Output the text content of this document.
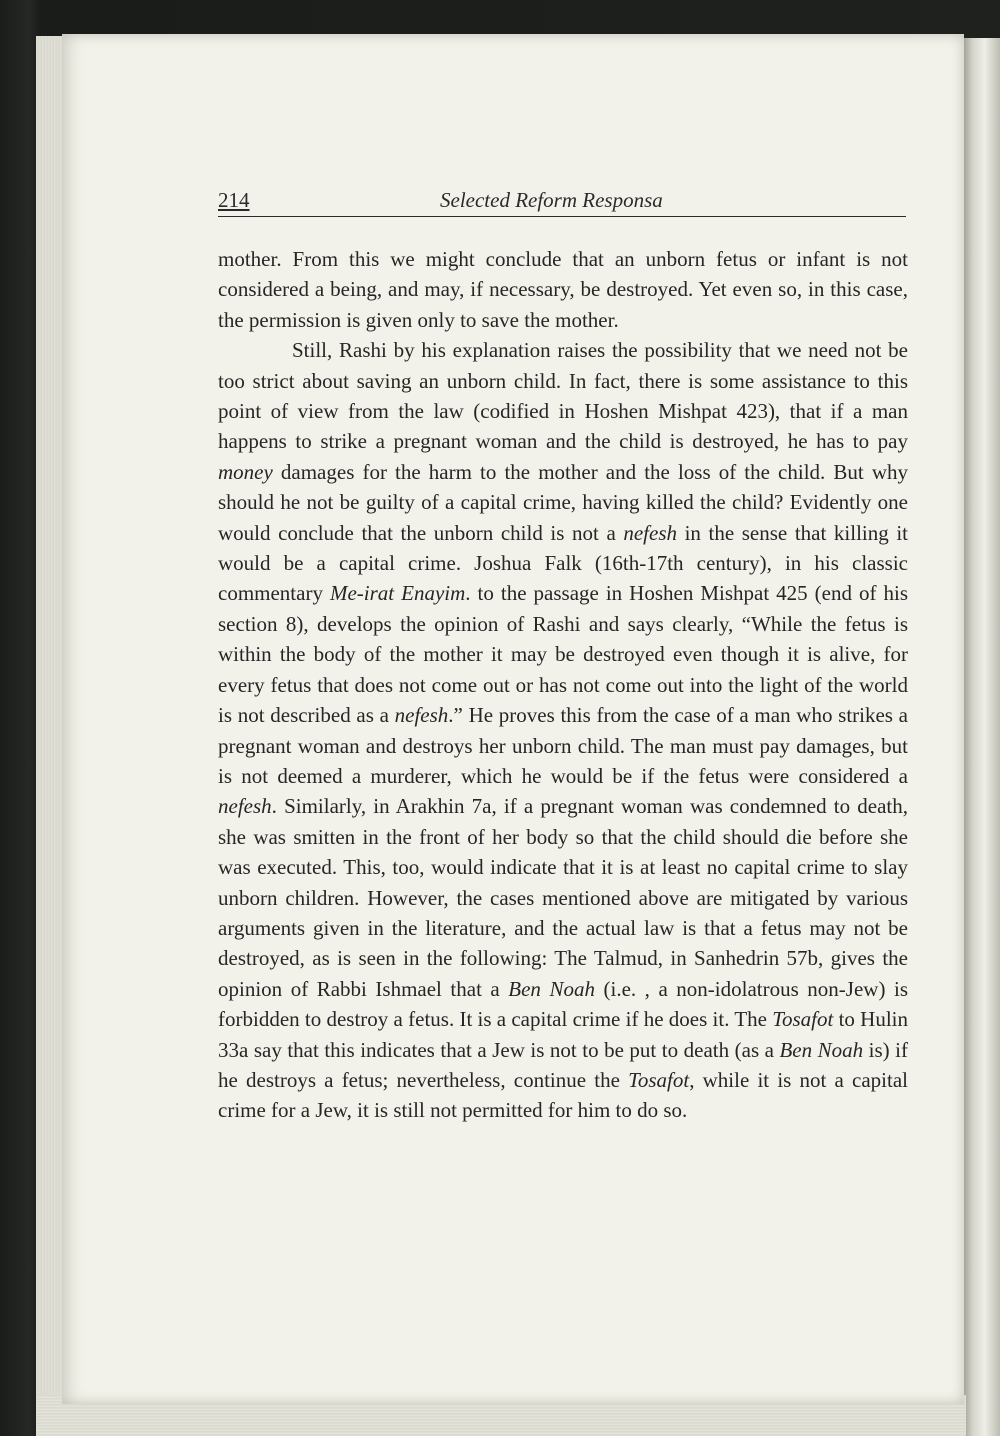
214	Selected Reform Responsa

mother. From this we might conclude that an unborn fetus or infant is not considered a being, and may, if necessary, be destroyed. Yet even so, in this case, the permission is given only to save the mother.

Still, Rashi by his explanation raises the possibility that we need not be too strict about saving an unborn child. In fact, there is some assistance to this point of view from the law (codified in Hoshen Mishpat 423), that if a man happens to strike a pregnant woman and the child is destroyed, he has to pay money damages for the harm to the mother and the loss of the child. But why should he not be guilty of a capital crime, having killed the child? Evidently one would conclude that the unborn child is not a nefesh in the sense that killing it would be a capital crime. Joshua Falk (16th-17th century), in his classic commentary Me-irat Enayim. to the passage in Hoshen Mishpat 425 (end of his section 8), develops the opinion of Rashi and says clearly, “While the fetus is within the body of the mother it may be destroyed even though it is alive, for every fetus that does not come out or has not come out into the light of the world is not described as a nefesh.” He proves this from the case of a man who strikes a pregnant woman and destroys her unborn child. The man must pay damages, but is not deemed a murderer, which he would be if the fetus were considered a nefesh. Similarly, in Arakhin 7a, if a pregnant woman was condemned to death, she was smitten in the front of her body so that the child should die before she was executed. This, too, would indicate that it is at least no capital crime to slay unborn children. However, the cases mentioned above are mitigated by various arguments given in the literature, and the actual law is that a fetus may not be destroyed, as is seen in the following: The Talmud, in Sanhedrin 57b, gives the opinion of Rabbi Ishmael that a Ben Noah (i.e. , a non-idolatrous non-Jew) is forbidden to destroy a fetus. It is a capital crime if he does it. The Tosafot to Hulin 33a say that this indicates that a Jew is not to be put to death (as a Ben Noah is) if he destroys a fetus; nevertheless, continue the Tosafot, while it is not a capital crime for a Jew, it is still not permitted for him to do so.
